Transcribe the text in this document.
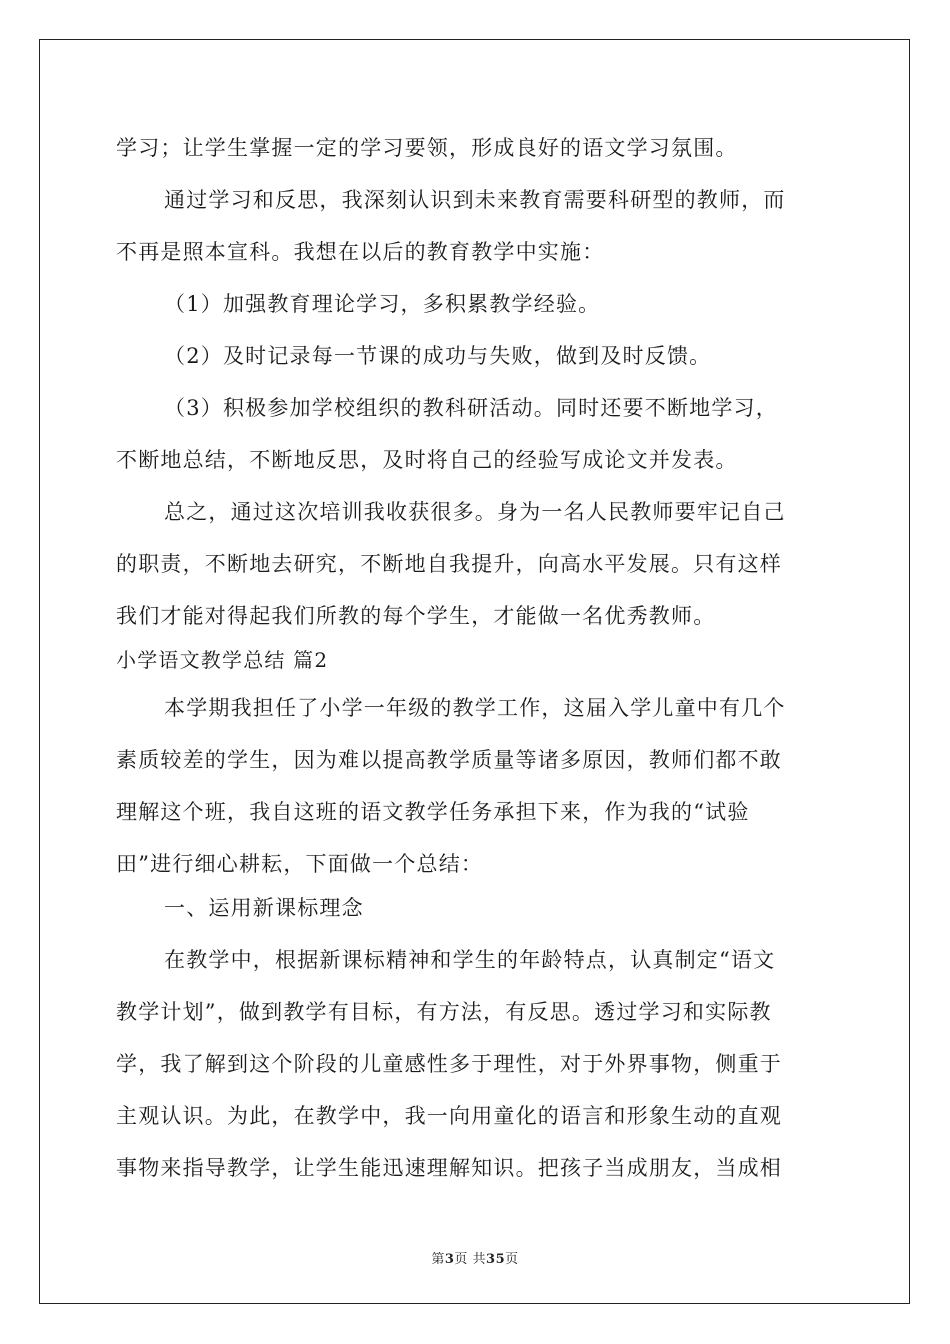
学习；让学生掌握一定的学习要领，形成良好的语文学习氛围。
通过学习和反思，我深刻认识到未来教育需要科研型的教师，而
不再是照本宣科。我想在以后的教育教学中实施：
（1）加强教育理论学习，多积累教学经验。
（2）及时记录每一节课的成功与失败，做到及时反馈。
（3）积极参加学校组织的教科研活动。同时还要不断地学习，
不断地总结，不断地反思，及时将自己的经验写成论文并发表。
总之，通过这次培训我收获很多。身为一名人民教师要牢记自己
的职责，不断地去研究，不断地自我提升，向高水平发展。只有这样
我们才能对得起我们所教的每个学生，才能做一名优秀教师。
小学语文教学总结 篇2
本学期我担任了小学一年级的教学工作，这届入学儿童中有几个
素质较差的学生，因为难以提高教学质量等诸多原因，教师们都不敢
理解这个班，我自这班的语文教学任务承担下来，作为我的“试验
田”进行细心耕耘，下面做一个总结：
一、运用新课标理念
在教学中，根据新课标精神和学生的年龄特点，认真制定“语文
教学计划”，做到教学有目标，有方法，有反思。透过学习和实际教
学，我了解到这个阶段的儿童感性多于理性，对于外界事物，侧重于
主观认识。为此，在教学中，我一向用童化的语言和形象生动的直观
事物来指导教学，让学生能迅速理解知识。把孩子当成朋友，当成相
第3页 共35页
